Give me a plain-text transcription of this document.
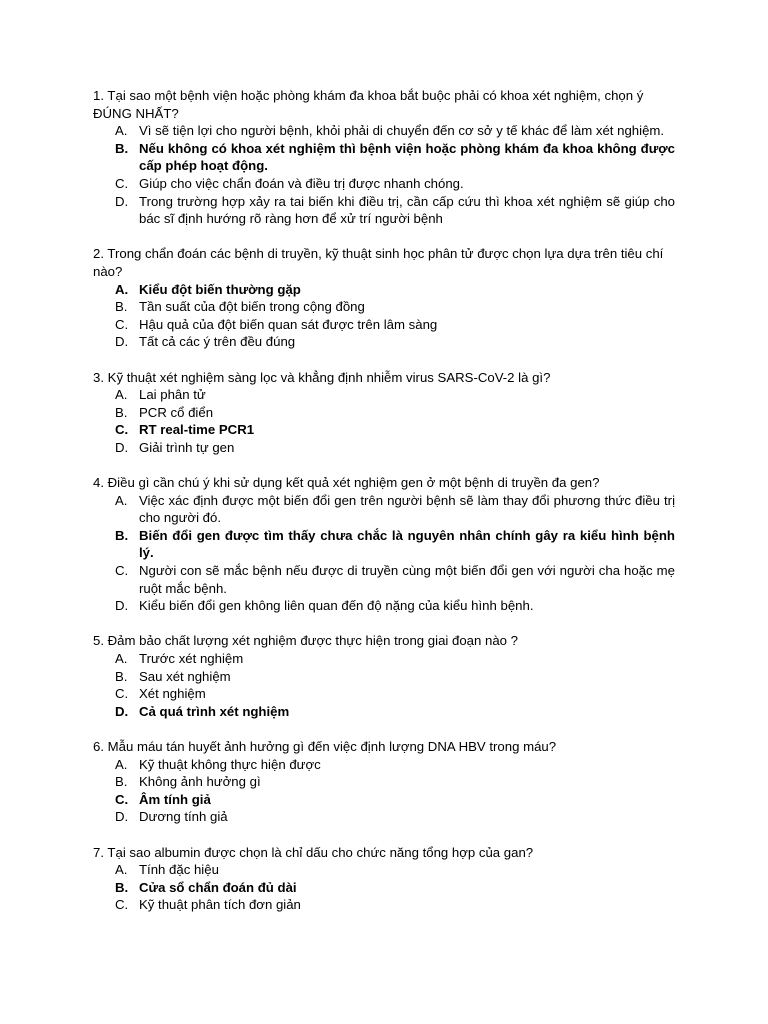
1. Tại sao một bệnh viện hoặc phòng khám đa khoa bắt buộc phải có khoa xét nghiệm, chọn ý ĐÚNG NHẤT?
A. Vì sẽ tiện lợi cho người bệnh, khỏi phải di chuyển đến cơ sở y tế khác để làm xét nghiệm.
B. Nếu không có khoa xét nghiệm thì bệnh viện hoặc phòng khám đa khoa không được cấp phép hoạt động.
C. Giúp cho việc chẩn đoán và điều trị được nhanh chóng.
D. Trong trường hợp xảy ra tai biến khi điều trị, cần cấp cứu thì khoa xét nghiệm sẽ giúp cho bác sĩ định hướng rõ ràng hơn để xử trí người bệnh
2. Trong chẩn đoán các bệnh di truyền, kỹ thuật sinh học phân tử được chọn lựa dựa trên tiêu chí nào?
A. Kiểu đột biến thường gặp
B. Tần suất của đột biến trong cộng đồng
C. Hậu quả của đột biến quan sát được trên lâm sàng
D. Tất cả các ý trên đều đúng
3. Kỹ thuật xét nghiệm sàng lọc và khẳng định nhiễm virus SARS-CoV-2 là gì?
A. Lai phân tử
B. PCR cổ điển
C. RT real-time PCR1
D. Giải trình tự gen
4. Điều gì cần chú ý khi sử dụng kết quả xét nghiệm gen ở một bệnh di truyền đa gen?
A. Việc xác định được một biến đổi gen trên người bệnh sẽ làm thay đổi phương thức điều trị cho người đó.
B. Biến đổi gen được tìm thấy chưa chắc là nguyên nhân chính gây ra kiểu hình bệnh lý.
C. Người con sẽ mắc bệnh nếu được di truyền cùng một biến đổi gen với người cha hoặc mẹ ruột mắc bệnh.
D. Kiểu biến đổi gen không liên quan đến độ nặng của kiểu hình bệnh.
5. Đảm bảo chất lượng xét nghiệm được thực hiện trong giai đoạn nào ?
A. Trước xét nghiệm
B. Sau xét nghiệm
C. Xét nghiệm
D. Cả quá trình xét nghiệm
6. Mẫu máu tán huyết ảnh hưởng gì đến việc định lượng DNA HBV trong máu?
A. Kỹ thuật không thực hiện được
B. Không ảnh hưởng gì
C. Âm tính giả
D. Dương tính giả
7. Tại sao albumin được chọn là chỉ dấu cho chức năng tổng hợp của gan?
A. Tính đặc hiệu
B. Cửa sổ chẩn đoán đủ dài
C. Kỹ thuật phân tích đơn giản
